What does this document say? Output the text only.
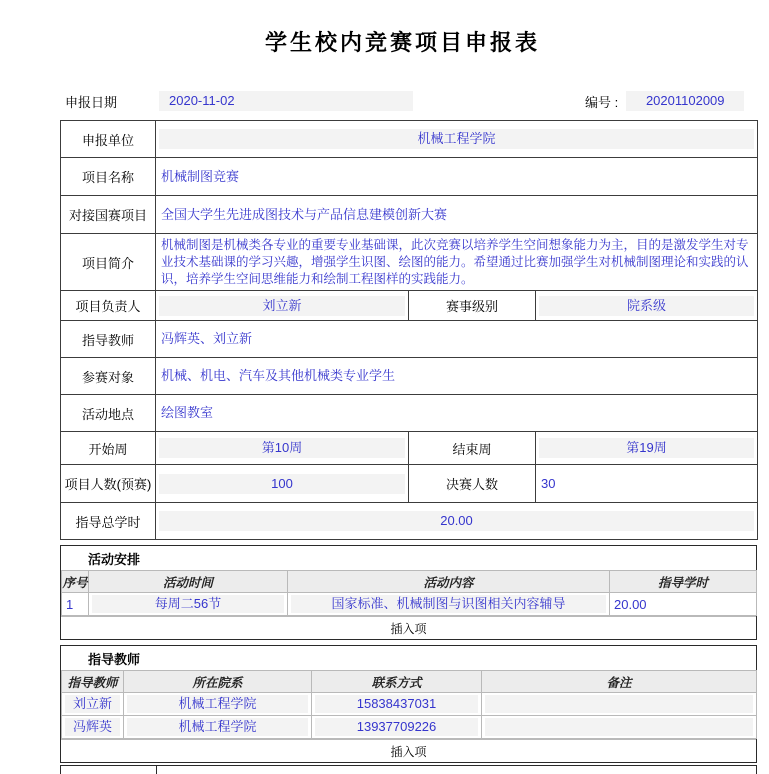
学生校内竞赛项目申报表
申报日期	2020-11-02	编号 :	20201102009
申报单位	机械工程学院		

项目名称	机械制图竞赛		

对接国赛项目	全国大学生先进成图技术与产品信息建模创新大赛		

项目简介	机械制图是机械类各专业的重要专业基础课，此次竞赛以培养学生空间想象能力为主，目的是激发学生对专业技术基础课的学习兴趣，增强学生识图、绘图的能力。希望通过比赛加强学生对机械制图理论和实践的认识，培养学生空间思维能力和绘制工程图样的实践能力。		

项目负责人	刘立新	赛事级别	院系级

指导教师	冯辉英、刘立新		

参赛对象	机械、机电、汽车及其他机械类专业学生		

活动地点	绘图教室		

开始周	第10周	结束周	第19周

项目人数(预赛)	100	决赛人数	30

指导总学时	20.00		
活动安排
序号	活动时间	活动内容	指导学时

1	每周二56节	国家标准、机械制图与识图相关内容辅导	20.00
插入项
指导教师
指导教师	所在院系	联系方式	备注

刘立新	机械工程学院	15838437031	

冯辉英	机械工程学院	13937709226	

插入项
